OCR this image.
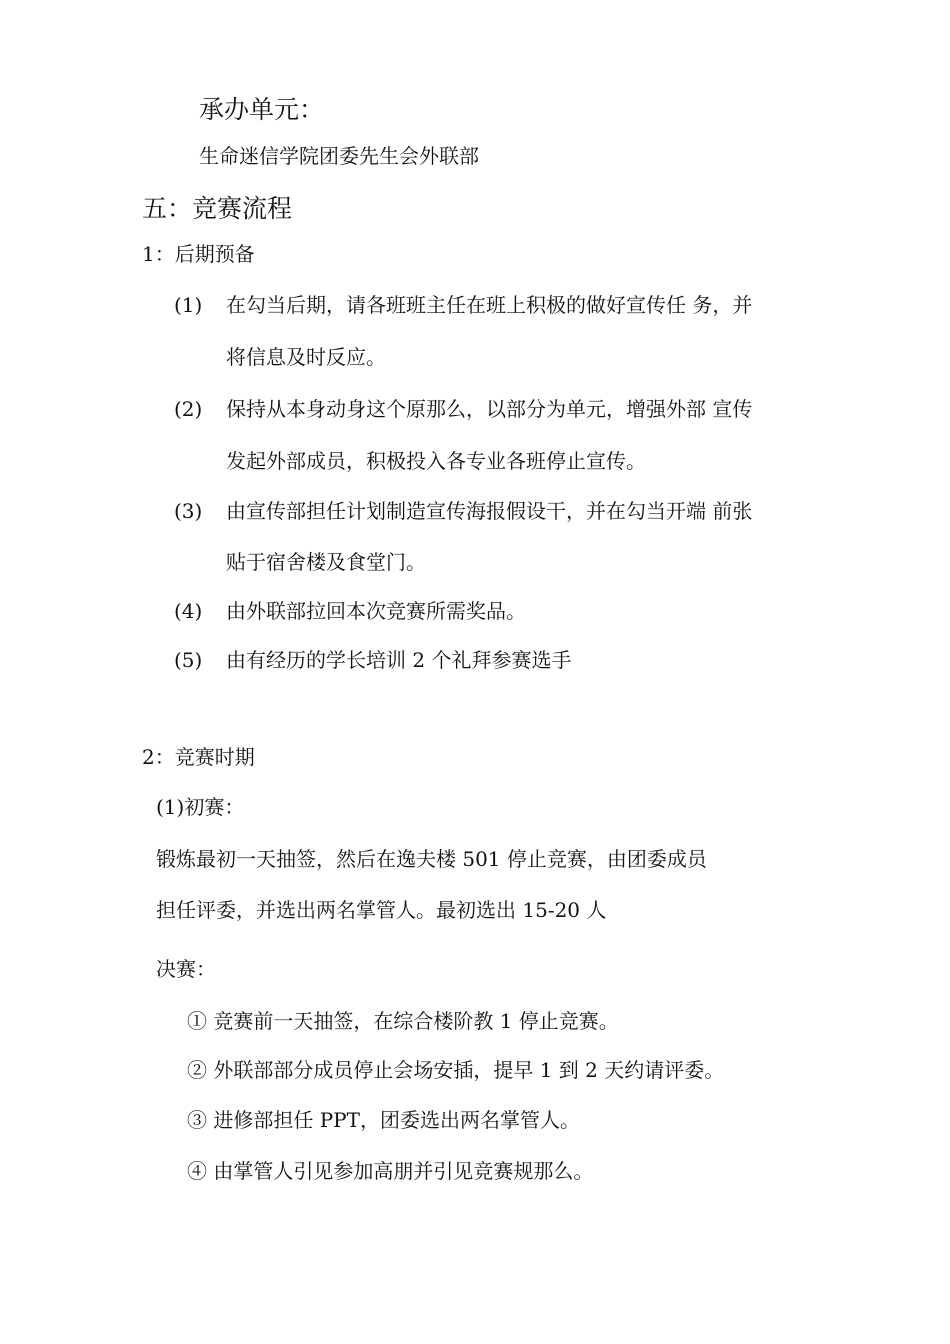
承办单元：
生命迷信学院团委先生会外联部
五：竞赛流程
1：后期预备
(1) 在勾当后期，请各班班主任在班上积极的做好宣传任 务，并
将信息及时反应。
(2) 保持从本身动身这个原那么，以部分为单元，增强外部 宣传
发起外部成员，积极投入各专业各班停止宣传。
(3) 由宣传部担任计划制造宣传海报假设干，并在勾当开端 前张
贴于宿舍楼及食堂门。
(4) 由外联部拉回本次竞赛所需奖品。
(5) 由有经历的学长培训 2 个礼拜参赛选手
2：竞赛时期
(1)初赛：
锻炼最初一天抽签，然后在逸夫楼 501 停止竞赛，由团委成员
担任评委，并选出两名掌管人。最初选出 15-20 人
决赛：
① 竞赛前一天抽签，在综合楼阶教 1 停止竞赛。
② 外联部部分成员停止会场安插，提早 1 到 2 天约请评委。
③ 进修部担任 PPT，团委选出两名掌管人。
④ 由掌管人引见参加高朋并引见竞赛规那么。
